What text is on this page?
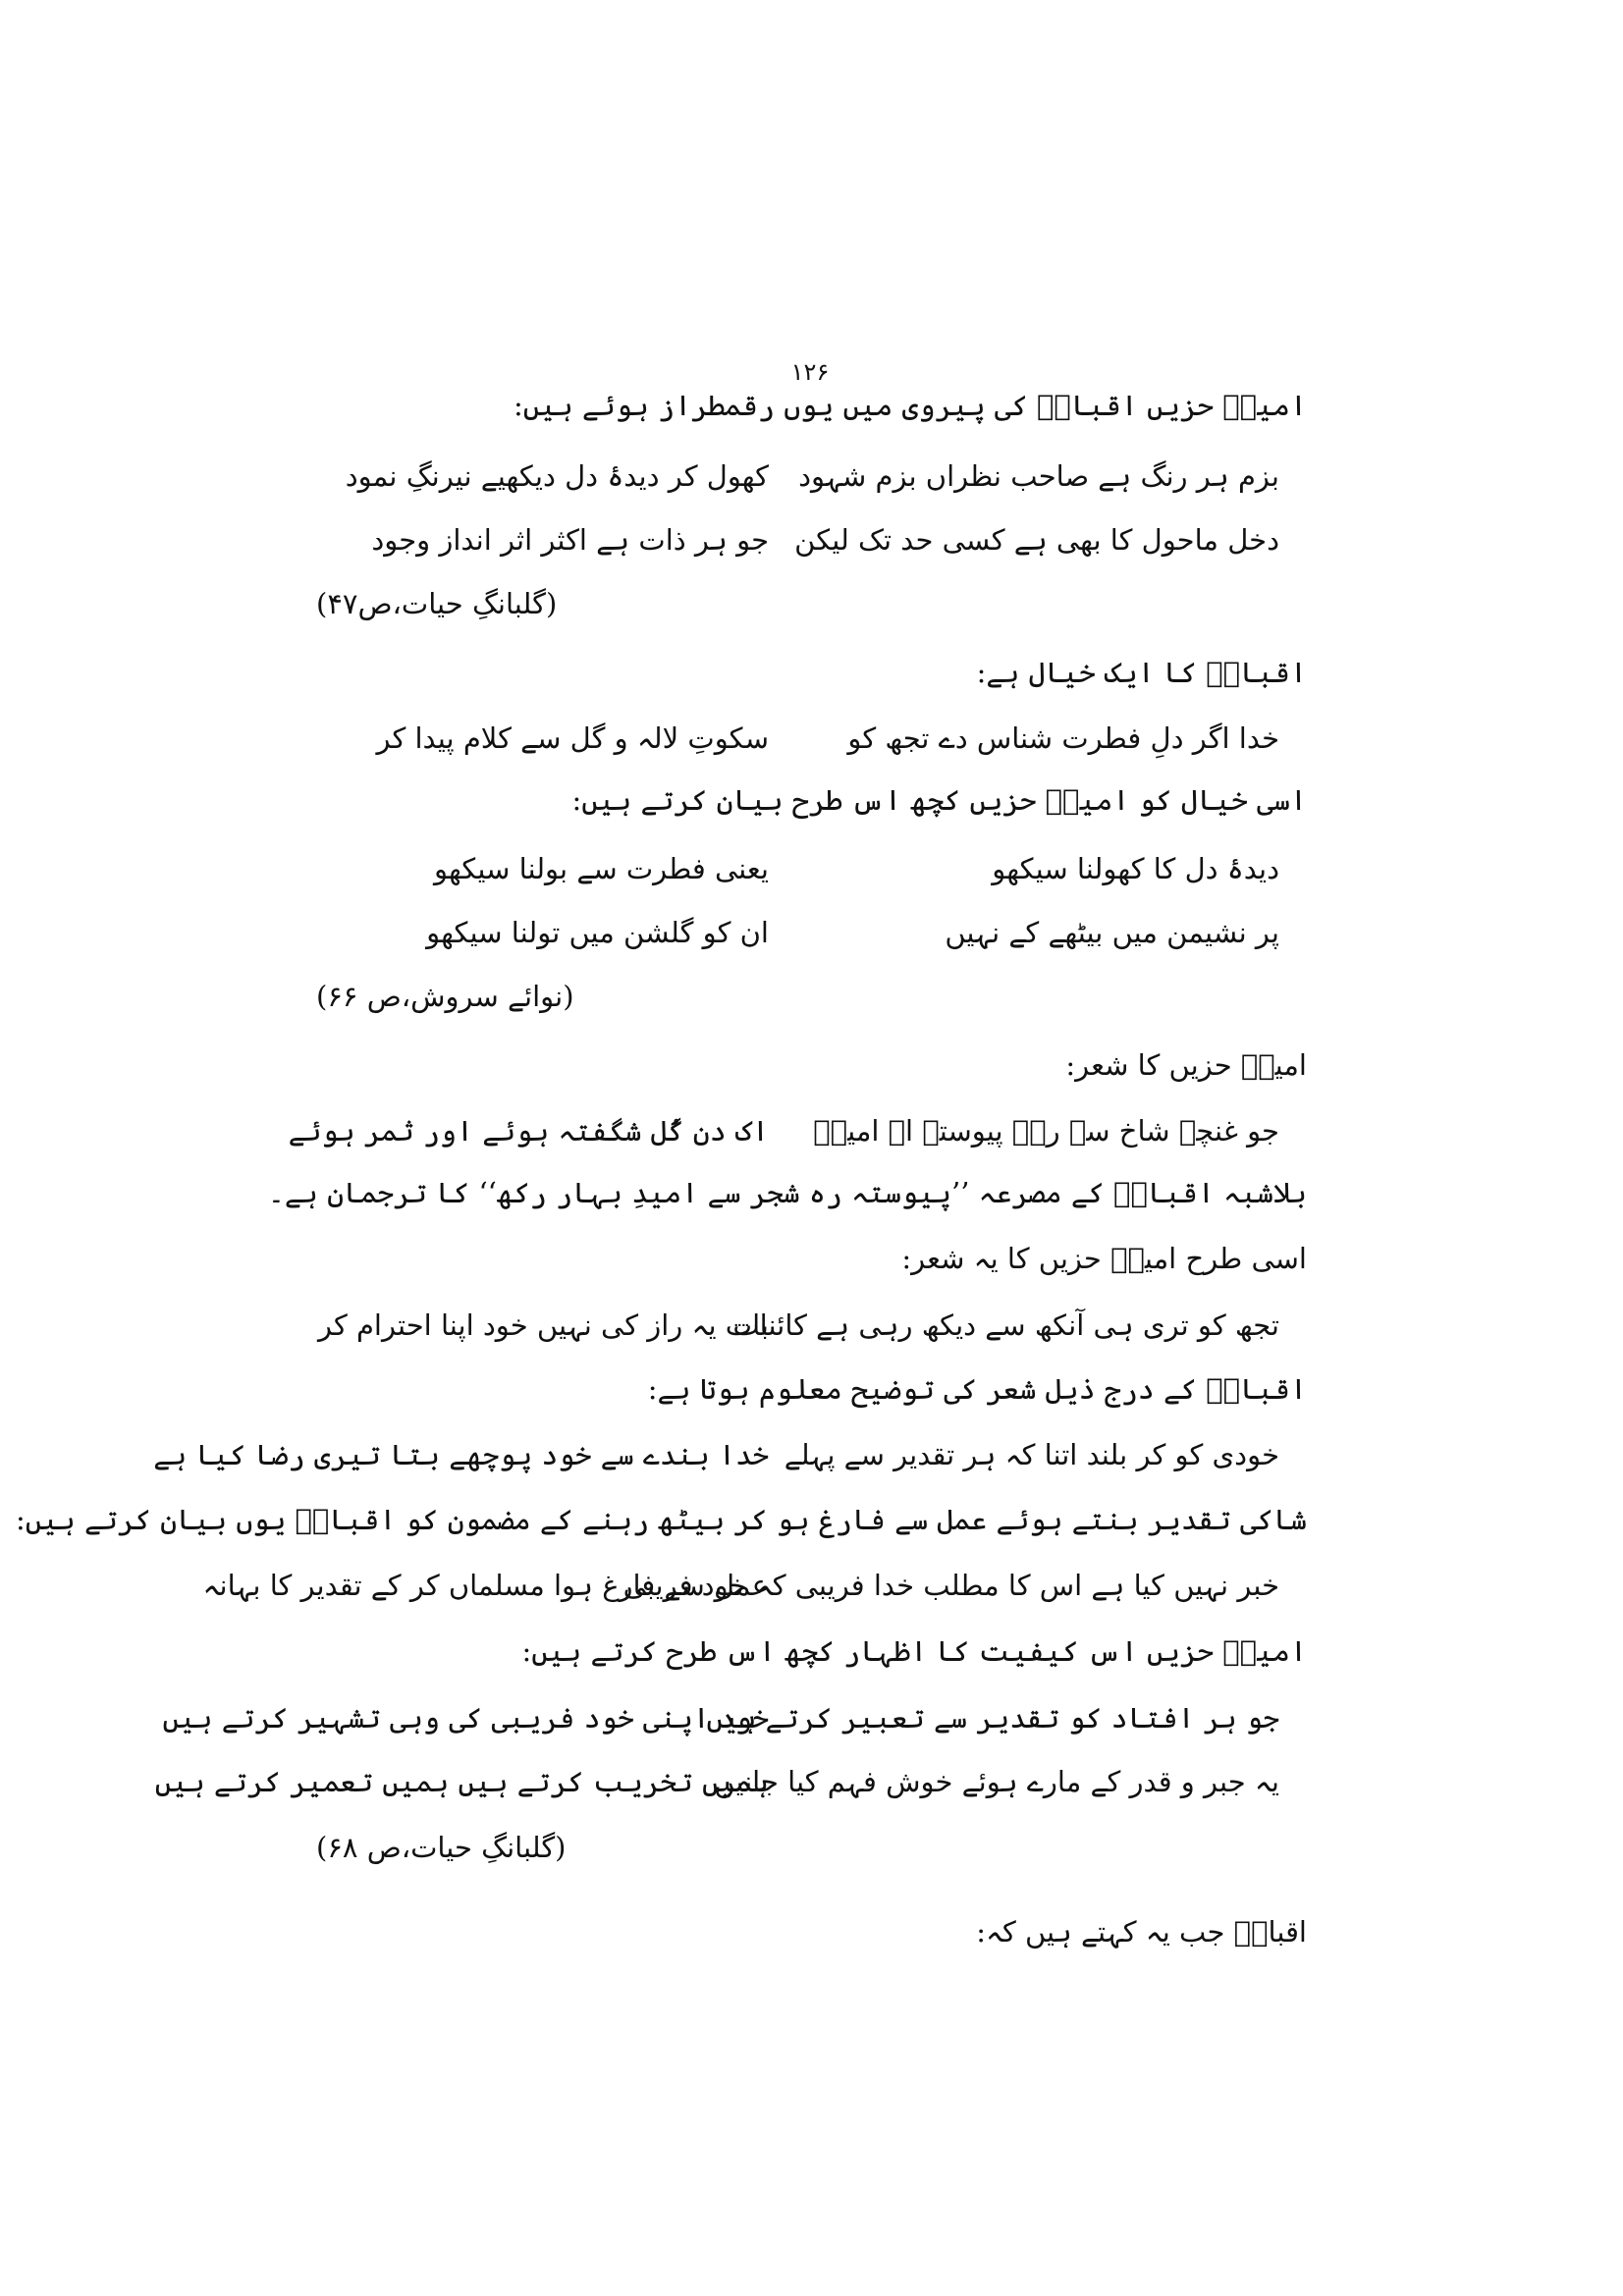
۱۲۶
امیںؔ حزیں اقبالؔ کی پیروی میں یوں رقمطراز ہوئے ہیں:
بزم ہر رنگ ہے صاحب نظراں بزم شہود
کھول کر دیدۂ دل دیکھیے نیرنگِ نمود
دخل ماحول کا بھی ہے کسی حد تک لیکن
جو ہر ذات ہے اکثر اثر انداز وجود
(گلبانگِ حیات،ص۴۷)
اقبالؔ کا ایک خیال ہے:
خدا اگر دلِ فطرت شناس دے تجھ کو
سکوتِ لالہ و گل سے کلام پیدا کر
اسی خیال کو امیںؔ حزیں کچھ اس طرح بیان کرتے ہیں:
دیدۂ دل کا کھولنا سیکھو
یعنی فطرت سے بولنا سیکھو
پر نشیمن میں بیٹھے کے نہیں
ان کو گلشن میں تولنا سیکھو
(نوائے سروش،ص ۶۶)
امیںؔ حزیں کا شعر:
جو غنچے شاخ سے رہے پیوستہ اے امیںؔ
اک دن گُل شگفتہ ہوئے اور ثمر ہوئے
بلاشبہ اقبالؔ کے مصرعہ ’’پیوستہ رہ شجر سے امیدِ بہار رکھ‘‘ کا ترجمان ہے۔
اسی طرح امیںؔ حزیں کا یہ شعر:
تجھ کو تری ہی آنکھ سے دیکھ رہی ہے کائنات
بات یہ راز کی نہیں خود اپنا احترام کر
اقبالؔ کے درج ذیل شعر کی توضیح معلوم ہوتا ہے:
خودی کو کر بلند اتنا کہ ہر تقدیر سے پہلے
خدا بندے سے خود پوچھے بتا تیری رضا کیا ہے
شاکی تقدیر بنتے ہوئے عمل سے فارغ ہو کر بیٹھ رہنے کے مضمون کو اقبالؔ یوں بیان کرتے ہیں:
خبر نہیں کیا ہے اس کا مطلب خدا فریبی کہ خود فریبی
عمل سے فارغ ہوا مسلماں کر کے تقدیر کا بہانہ
امیںؔ حزیں اس کیفیت کا اظہار کچھ اس طرح کرتے ہیں:
جو ہر افتاد کو تقدیر سے تعبیر کرتے ہیں
خود اپنی خود فریبی کی وہی تشہیر کرتے ہیں
یہ جبر و قدر کے مارے ہوئے خوش فہم کیا جانیں
ہمیں تخریب کرتے ہیں ہمیں تعمیر کرتے ہیں
(گلبانگِ حیات،ص ۶۸)
اقبالؔ جب یہ کہتے ہیں کہ:
